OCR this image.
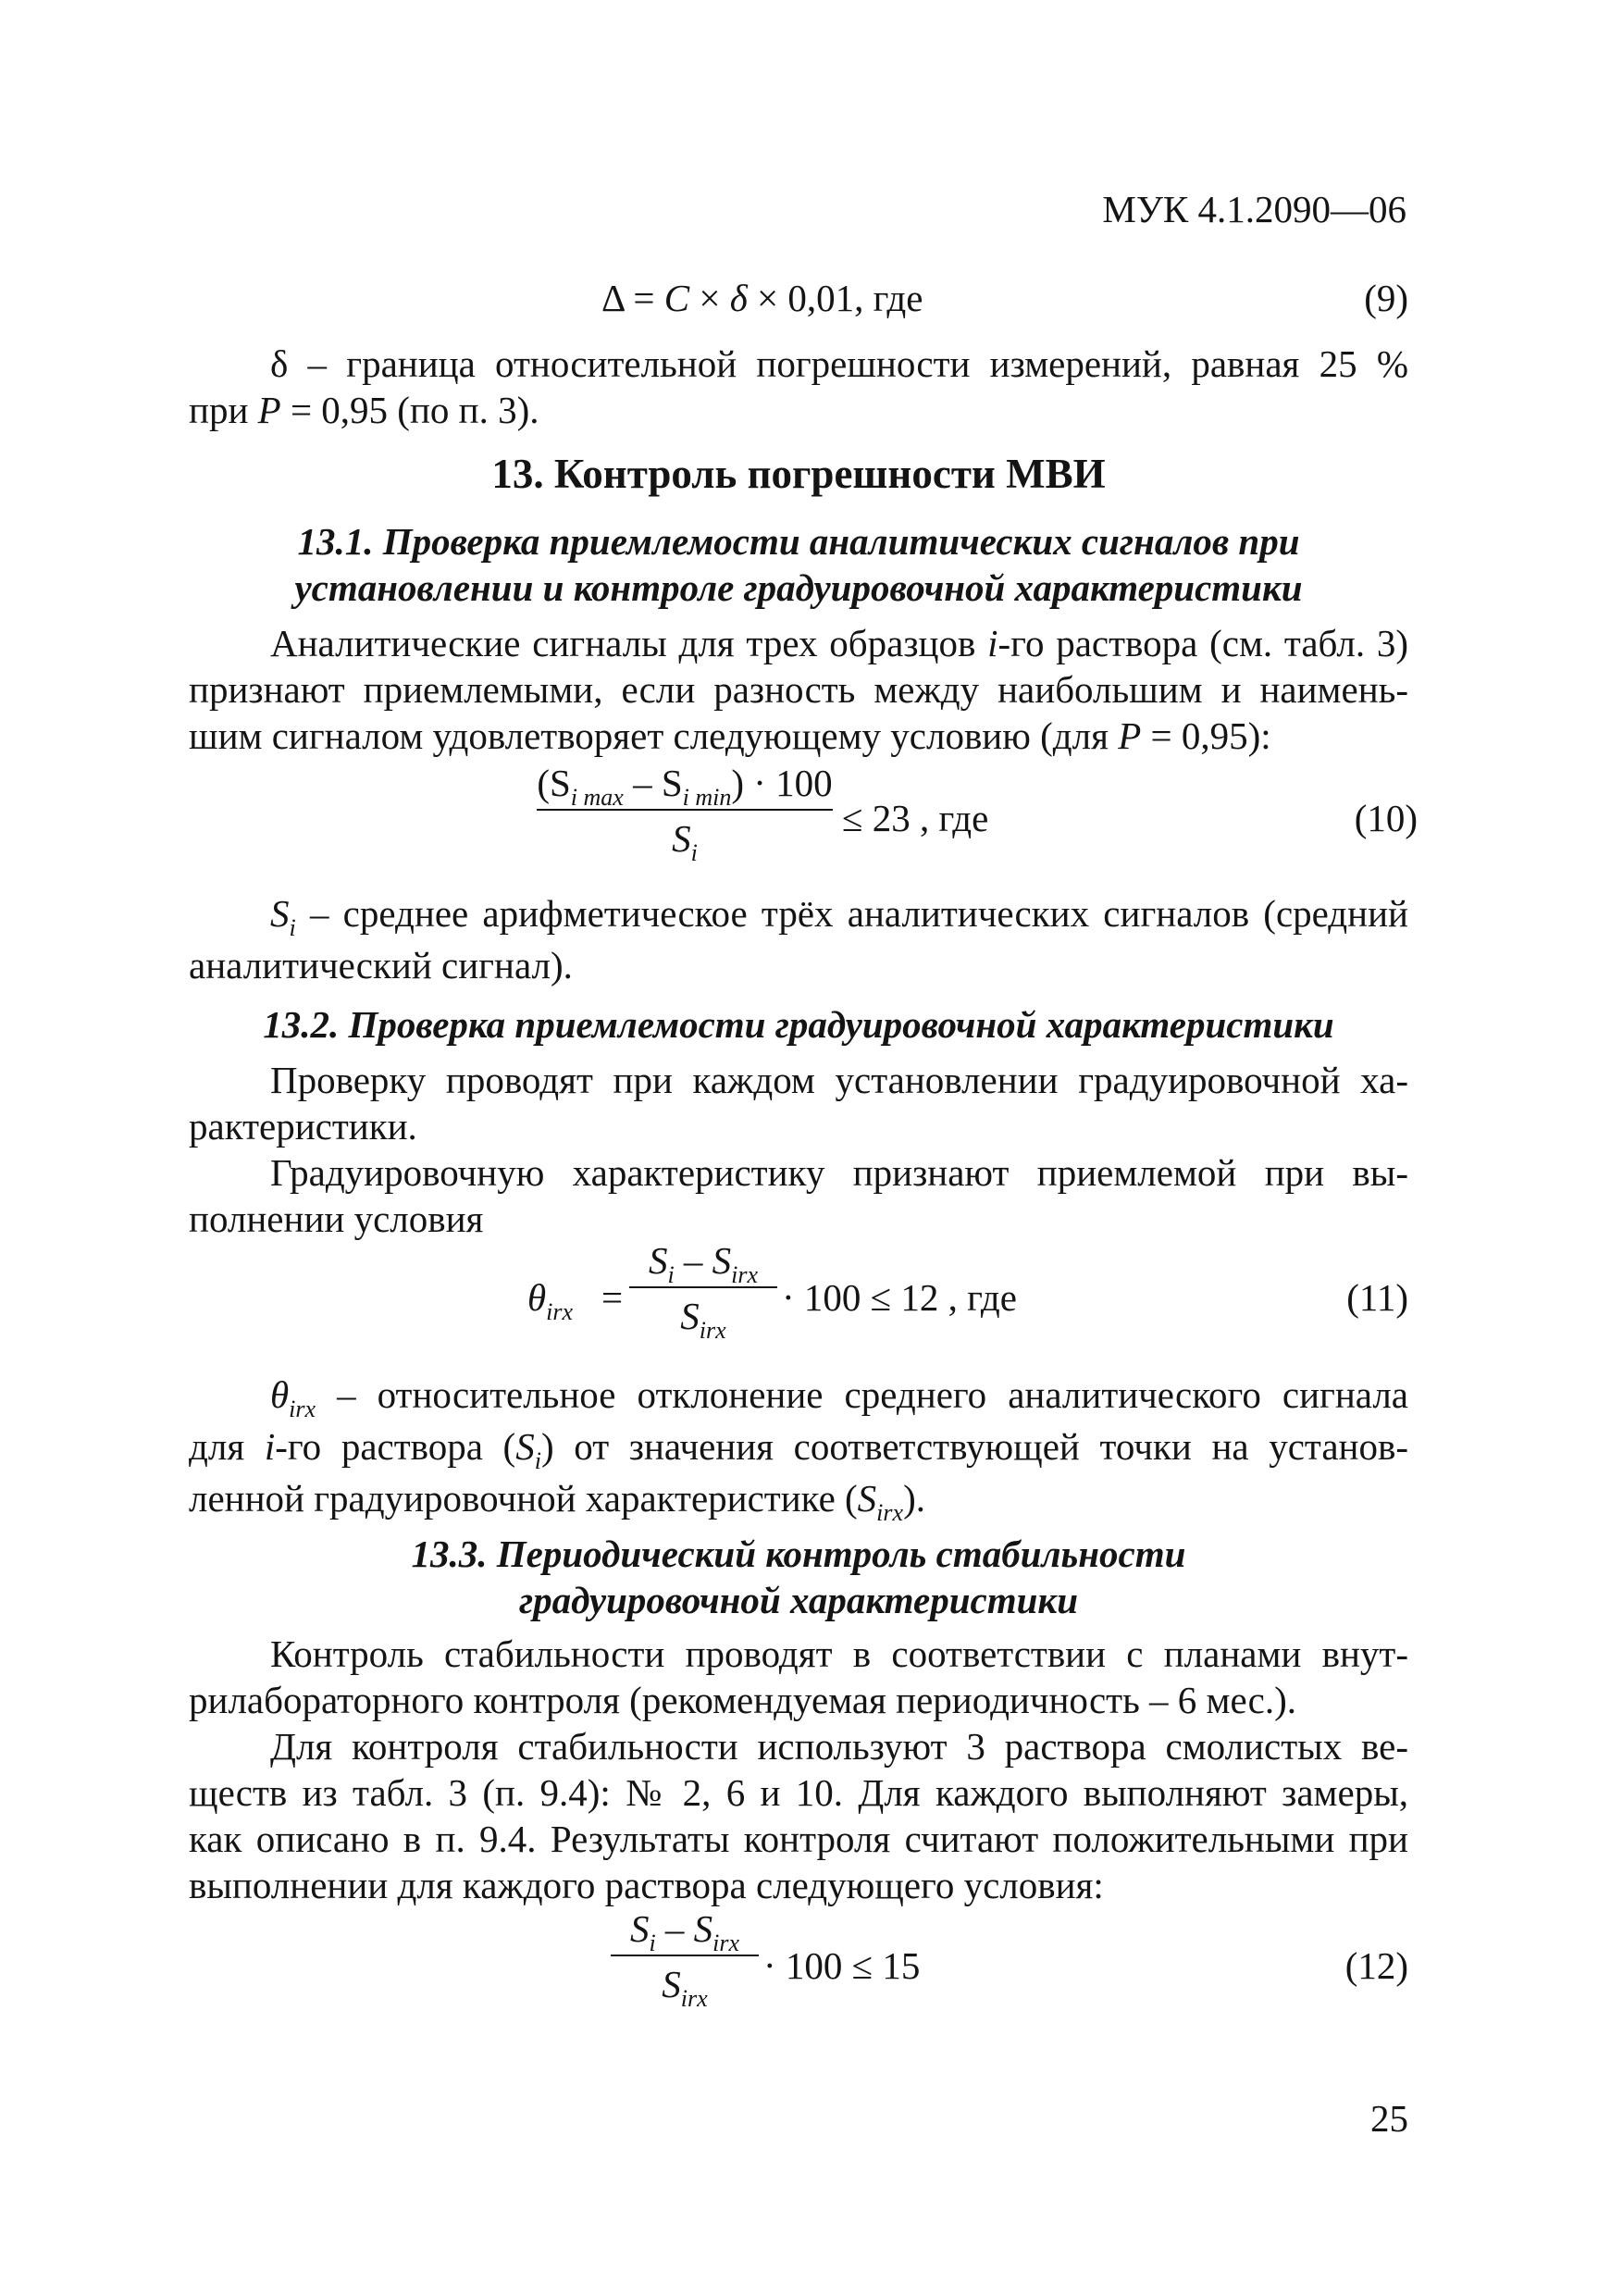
МУК 4.1.2090—06
Δ = C × δ × 0,01, где	(9)
δ – граница относительной погрешности измерений, равная 25 %
при P = 0,95 (по п. 3).
13. Контроль погрешности МВИ
13.1. Проверка приемлемости аналитических сигналов при
установлении и контроле градуировочной характеристики
Аналитические сигналы для трех образцов i-го раствора (см. табл. 3)
признают приемлемыми, если разность между наибольшим и наимень-
шим сигналом удовлетворяет следующему условию (для P = 0,95):
$(S_{i max} - S_{i min}) \cdot 100$
$S_i$
≤ 23 , где	(10)
$S_i$ – среднее арифметическое трёх аналитических сигналов (средний
аналитический сигнал).
13.2. Проверка приемлемости градуировочной характеристики
Проверку проводят при каждом установлении градуировочной ха-
рактеристики.
Градуировочную характеристику признают приемлемой при вы-
полнении условия
$\theta_{irx}$ =
$S_i - S_{irx}$
$S_{irx}$
· 100 ≤ 12 , где	(11)
$\theta_{irx}$ – относительное отклонение среднего аналитического сигнала
для i-го раствора $(S_i)$ от значения соответствующей точки на установ-
ленной градуировочной характеристике $(S_{irx})$.
13.3. Периодический контроль стабильности
градуировочной характеристики
Контроль стабильности проводят в соответствии с планами внут-
рилабораторного контроля (рекомендуемая периодичность – 6 мес.).
Для контроля стабильности используют 3 раствора смолистых ве-
ществ из табл. 3 (п. 9.4): № 2, 6 и 10. Для каждого выполняют замеры,
как описано в п. 9.4. Результаты контроля считают положительными при
выполнении для каждого раствора следующего условия:
$S_i - S_{irx}$
$S_{irx}$
· 100 ≤ 15	(12)
25
